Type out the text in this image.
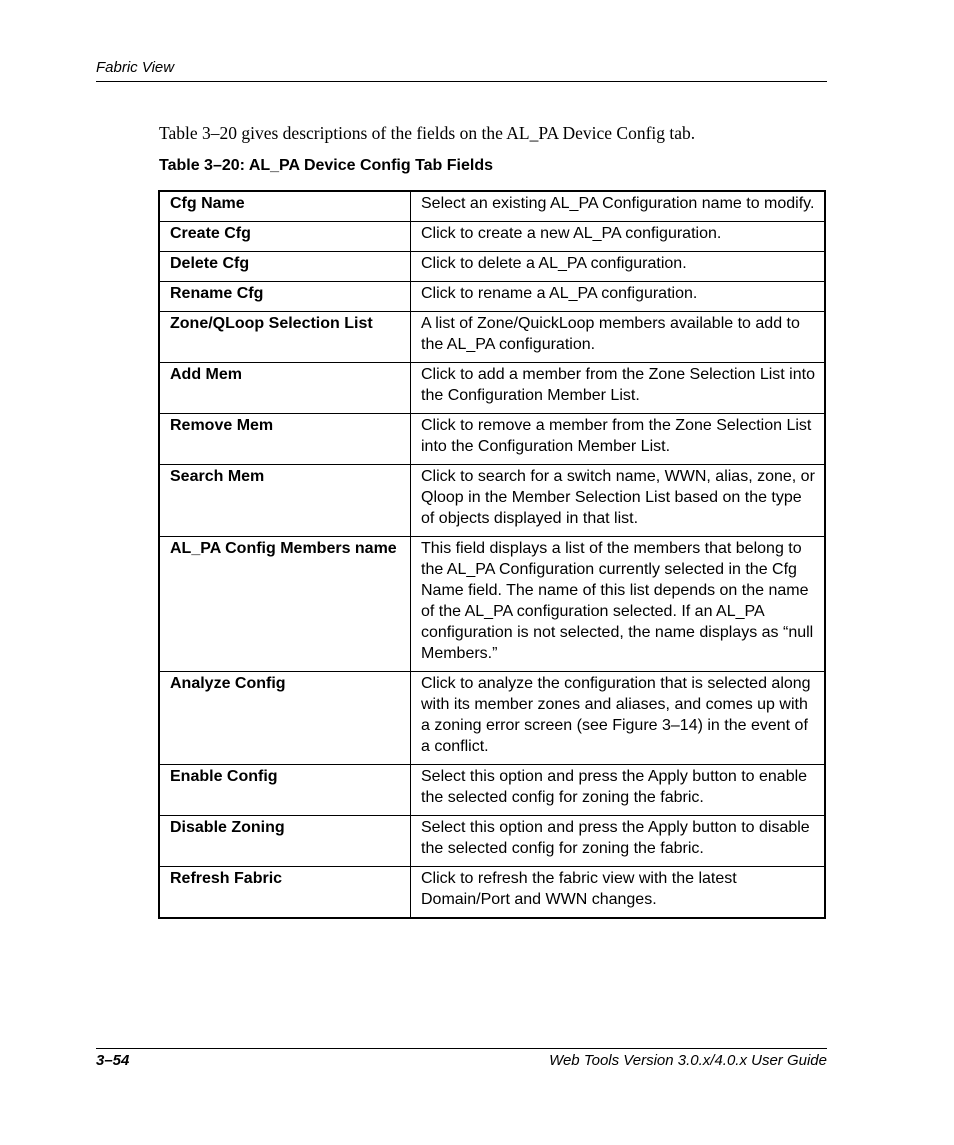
Fabric View

Table 3–20 gives descriptions of the fields on the AL_PA Device Config tab.

Table 3–20: AL_PA Device Config Tab Fields
Cfg Name	Select an existing AL_PA Configuration name to modify.
Create Cfg	Click to create a new AL_PA configuration.
Delete Cfg	Click to delete a AL_PA configuration.
Rename Cfg	Click to rename a AL_PA configuration.
Zone/QLoop Selection List	A list of Zone/QuickLoop members available to add to the AL_PA configuration.
Add Mem	Click to add a member from the Zone Selection List into the Configuration Member List.
Remove Mem	Click to remove a member from the Zone Selection List into the Configuration Member List.
Search Mem	Click to search for a switch name, WWN, alias, zone, or Qloop in the Member Selection List based on the type of objects displayed in that list.
AL_PA Config Members name	This field displays a list of the members that belong to the AL_PA Configuration currently selected in the Cfg Name field. The name of this list depends on the name of the AL_PA configuration selected. If an AL_PA configuration is not selected, the name displays as “null Members.”
Analyze Config	Click to analyze the configuration that is selected along with its member zones and aliases, and comes up with a zoning error screen (see Figure 3–14) in the event of a conflict.
Enable Config	Select this option and press the Apply button to enable the selected config for zoning the fabric.
Disable Zoning	Select this option and press the Apply button to disable the selected config for zoning the fabric.
Refresh Fabric	Click to refresh the fabric view with the latest Domain/Port and WWN changes.
3–54	Web Tools Version 3.0.x/4.0.x User Guide
